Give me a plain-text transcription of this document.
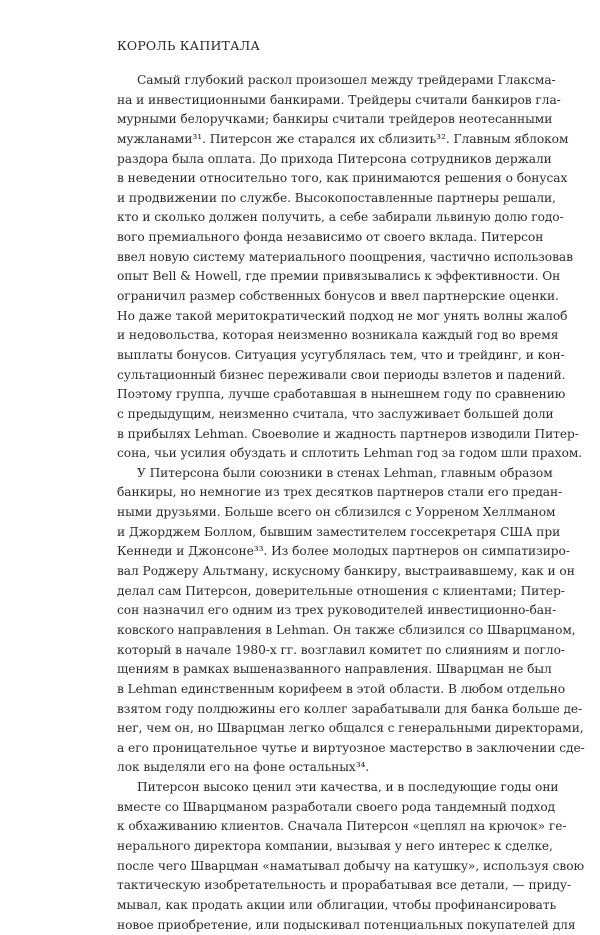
КОРОЛЬ КАПИТАЛА
Самый глубокий раскол произошел между трейдерами Глаксма-
на и инвестиционными банкирами. Трейдеры считали банкиров гла-
мурными белоручками; банкиры считали трейдеров неотесанными
мужланами³¹. Питерсон же старался их сблизить³². Главным яблоком
раздора была оплата. До прихода Питерсона сотрудников держали
в неведении относительно того, как принимаются решения о бонусах
и продвижении по службе. Высокопоставленные партнеры решали,
кто и сколько должен получить, а себе забирали львиную долю годо-
вого премиального фонда независимо от своего вклада. Питерсон
ввел новую систему материального поощрения, частично использовав
опыт Bell & Howell, где премии привязывались к эффективности. Он
ограничил размер собственных бонусов и ввел партнерские оценки.
Но даже такой меритократический подход не мог унять волны жалоб
и недовольства, которая неизменно возникала каждый год во время
выплаты бонусов. Ситуация усугублялась тем, что и трейдинг, и кон-
сультационный бизнес переживали свои периоды взлетов и падений.
Поэтому группа, лучше сработавшая в нынешнем году по сравнению
с предыдущим, неизменно считала, что заслуживает большей доли
в прибылях Lehman. Своеволие и жадность партнеров изводили Питер-
сона, чьи усилия обуздать и сплотить Lehman год за годом шли прахом.
У Питерсона были союзники в стенах Lehman, главным образом
банкиры, но немногие из трех десятков партнеров стали его предан-
ными друзьями. Больше всего он сблизился с Уорреном Хеллманом
и Джорджем Боллом, бывшим заместителем госсекретаря США при
Кеннеди и Джонсоне³³. Из более молодых партнеров он симпатизиро-
вал Роджеру Альтману, искусному банкиру, выстраивавшему, как и он
делал сам Питерсон, доверительные отношения с клиентами; Питер-
сон назначил его одним из трех руководителей инвестиционно-бан-
ковского направления в Lehman. Он также сблизился со Шварцманом,
который в начале 1980-х гг. возглавил комитет по слияниям и погло-
щениям в рамках вышеназванного направления. Шварцман не был
в Lehman единственным корифеем в этой области. В любом отдельно
взятом году полдюжины его коллег зарабатывали для банка больше де-
нег, чем он, но Шварцман легко общался с генеральными директорами,
а его проницательное чутье и виртуозное мастерство в заключении сде-
лок выделяли его на фоне остальных³⁴.
Питерсон высоко ценил эти качества, и в последующие годы они
вместе со Шварцманом разработали своего рода тандемный подход
к обхаживанию клиентов. Сначала Питерсон «цеплял на крючок» ге-
нерального директора компании, вызывая у него интерес к сделке,
после чего Шварцман «наматывал добычу на катушку», используя свою
тактическую изобретательность и прорабатывая все детали, — приду-
мывал, как продать акции или облигации, чтобы профинансировать
новое приобретение, или подыскивал потенциальных покупателей для
